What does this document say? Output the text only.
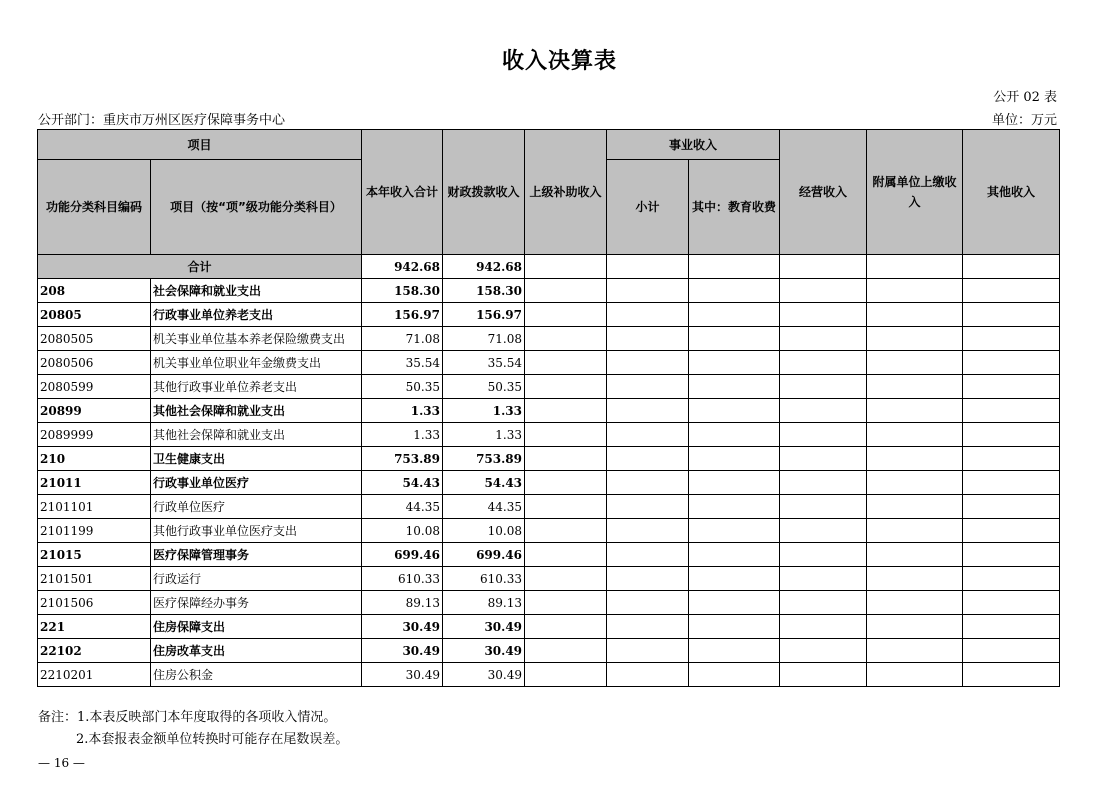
收入决算表
公开 02 表
公开部门：重庆市万州区医疗保障事务中心	单位：万元
项目		本年收入合计	财政拨款收入	上级补助收入	事业收入		经营收入	附属单位上缴收入	其他收入
功能分类科目编码	项目（按“项”级功能分类科目）				小计	其中：教育收费			
合计		942.68	942.68						
208	社会保障和就业支出	158.30	158.30						
20805	行政事业单位养老支出	156.97	156.97						
2080505	机关事业单位基本养老保险缴费支出	71.08	71.08						
2080506	机关事业单位职业年金缴费支出	35.54	35.54						
2080599	其他行政事业单位养老支出	50.35	50.35						
20899	其他社会保障和就业支出	1.33	1.33						
2089999	其他社会保障和就业支出	1.33	1.33						
210	卫生健康支出	753.89	753.89						
21011	行政事业单位医疗	54.43	54.43						
2101101	行政单位医疗	44.35	44.35						
2101199	其他行政事业单位医疗支出	10.08	10.08						
21015	医疗保障管理事务	699.46	699.46						
2101501	行政运行	610.33	610.33						
2101506	医疗保障经办事务	89.13	89.13						
221	住房保障支出	30.49	30.49						
22102	住房改革支出	30.49	30.49						
2210201	住房公积金	30.49	30.49						
备注：1.本表反映部门本年度取得的各项收入情况。
2.本套报表金额单位转换时可能存在尾数误差。
— 16 —
